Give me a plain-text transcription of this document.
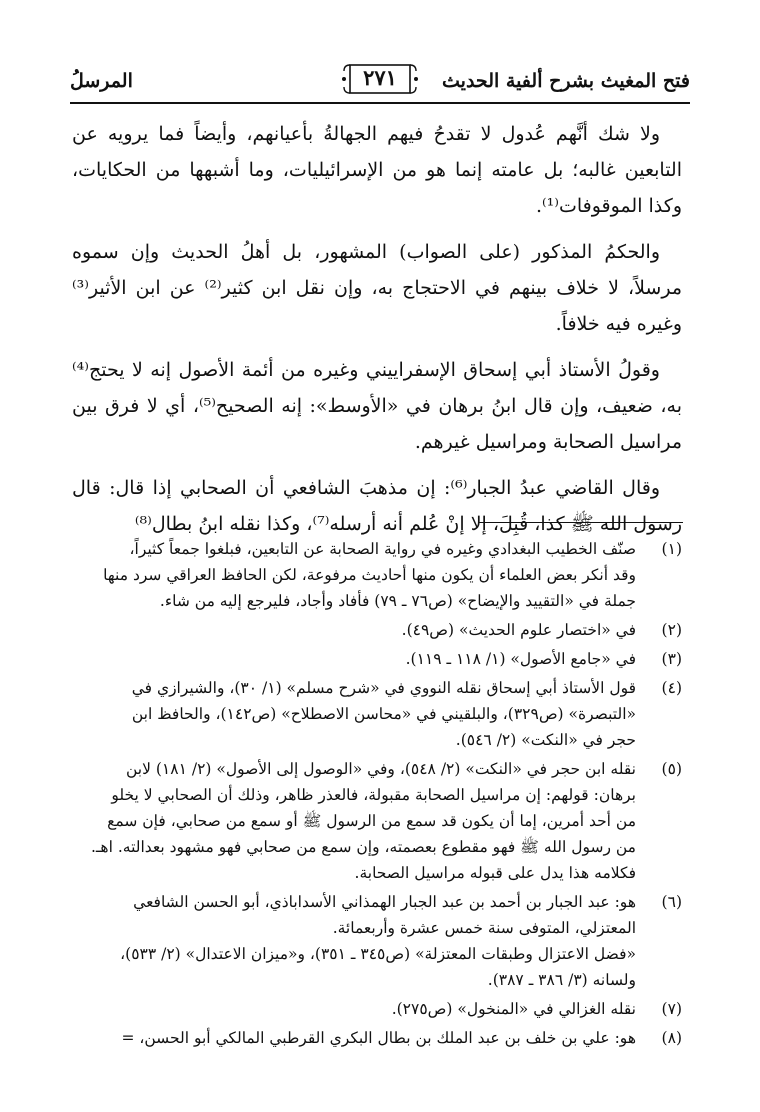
فتح المغيث بشرح ألفية الحديث
٢٧١
المرسلُ

ولا شك أنَّهم عُدول لا تقدحُ فيهم الجهالةُ بأعيانهم، وأيضاً فما يرويه عن التابعين غالبه؛ بل عامته إنما هو من الإسرائيليات، وما أشبهها من الحكايات، وكذا الموقوفات⁽¹⁾.

والحكمُ المذكور (على الصواب) المشهور، بل أهلُ الحديث وإن سموه مرسلاً، لا خلاف بينهم في الاحتجاج به، وإن نقل ابن كثير⁽²⁾ عن ابن الأثير⁽³⁾ وغيره فيه خلافاً.

وقولُ الأستاذ أبي إسحاق الإسفراييني وغيره من أئمة الأصول إنه لا يحتج⁽⁴⁾ به، ضعيف، وإن قال ابنُ برهان في «الأوسط»: إنه الصحيح⁽⁵⁾، أي لا فرق بين مراسيل الصحابة ومراسيل غيرهم.

وقال القاضي عبدُ الجبار⁽⁶⁾: إن مذهبَ الشافعي أن الصحابي إذا قال: قال رسول الله ﷺ كذا، قُبِلَ، إلا إنْ عُلم أنه أرسله⁽⁷⁾، وكذا نقله ابنُ بطال⁽⁸⁾

(١)
صنّف الخطيب البغدادي وغيره في رواية الصحابة عن التابعين، فبلغوا جمعاً كثيراً،
وقد أنكر بعض العلماء أن يكون منها أحاديث مرفوعة، لكن الحافظ العراقي سرد منها
جملة في «التقييد والإيضاح» (ص٧٦ ـ ٧٩) فأفاد وأجاد، فليرجع إليه من شاء.
(٢)
في «اختصار علوم الحديث» (ص٤٩).
(٣)
في «جامع الأصول» (١/ ١١٨ ـ ١١٩).
(٤)
قول الأستاذ أبي إسحاق نقله النووي في «شرح مسلم» (١/ ٣٠)، والشيرازي في
«التبصرة» (ص٣٢٩)، والبلقيني في «محاسن الاصطلاح» (ص١٤٢)، والحافظ ابن
حجر في «النكت» (٢/ ٥٤٦).
(٥)
نقله ابن حجر في «النكت» (٢/ ٥٤٨)، وفي «الوصول إلى الأصول» (٢/ ١٨١) لابن
برهان: قولهم: إن مراسيل الصحابة مقبولة، فالعذر ظاهر، وذلك أن الصحابي لا يخلو
من أحد أمرين، إما أن يكون قد سمع من الرسول ﷺ أو سمع من صحابي، فإن سمع
من رسول الله ﷺ فهو مقطوع بعصمته، وإن سمع من صحابي فهو مشهود بعدالته. اهـ.
فكلامه هذا يدل على قبوله مراسيل الصحابة.
(٦)
هو: عبد الجبار بن أحمد بن عبد الجبار الهمذاني الأسداباذي، أبو الحسن الشافعي
المعتزلي، المتوفى سنة خمس عشرة وأربعمائة.
«فضل الاعتزال وطبقات المعتزلة» (ص٣٤٥ ـ ٣٥١)، و«ميزان الاعتدال» (٢/ ٥٣٣)،
ولسانه (٣/ ٣٨٦ ـ ٣٨٧).
(٧)
نقله الغزالي في «المنخول» (ص٢٧٥).
(٨)
هو: علي بن خلف بن عبد الملك بن بطال البكري القرطبي المالكي أبو الحسن، =
